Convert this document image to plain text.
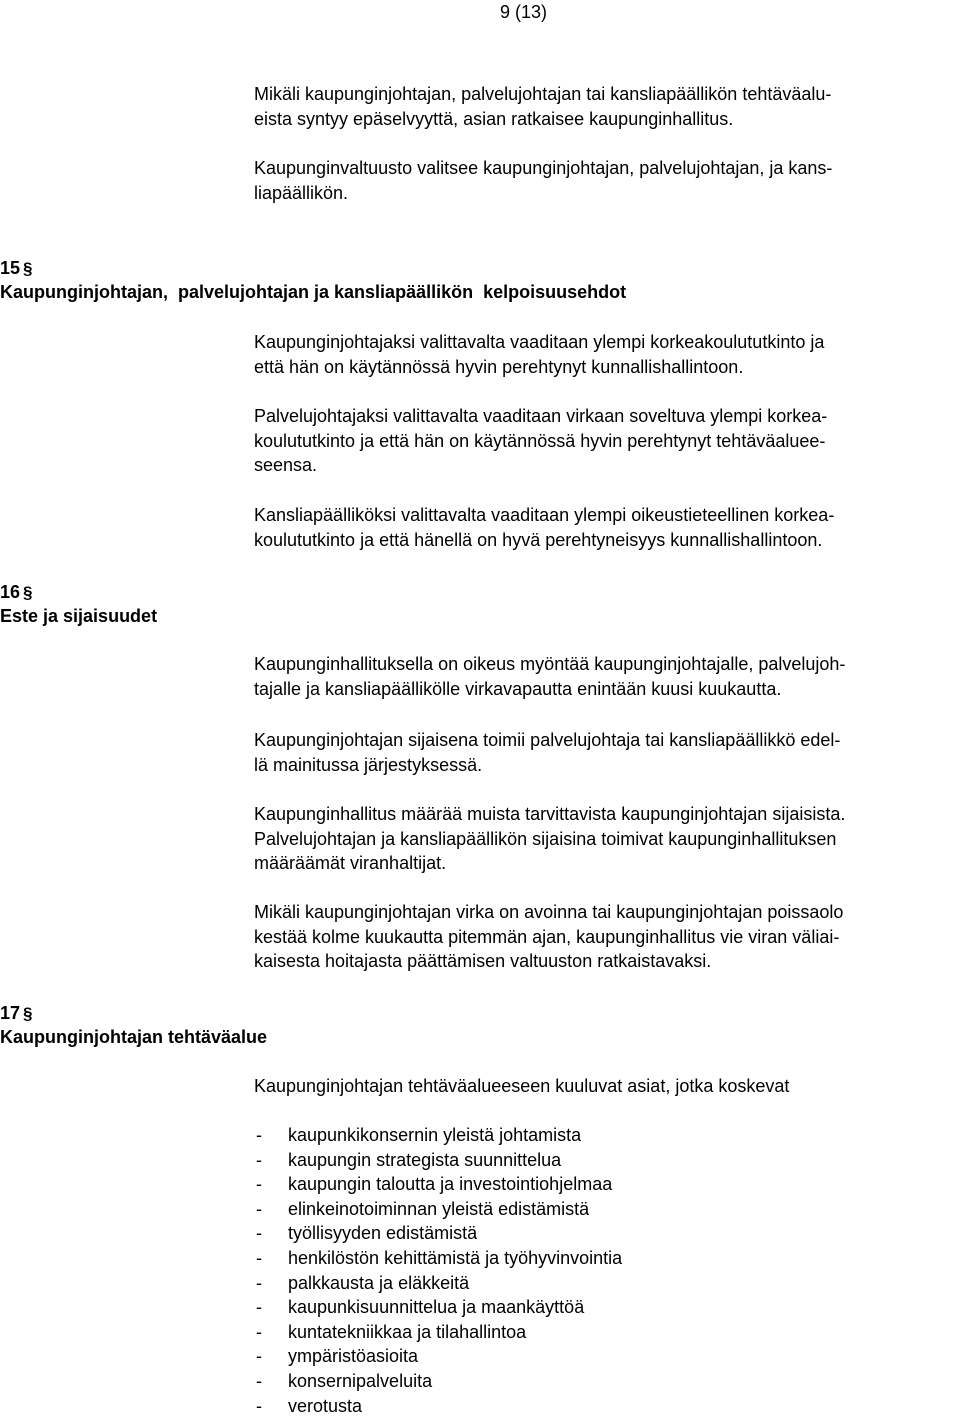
9 (13)
Mikäli kaupunginjohtajan, palvelujohtajan tai kansliapäällikön tehtäväalu-
eista syntyy epäselvyyttä, asian ratkaisee kaupunginhallitus.
Kaupunginvaltuusto valitsee kaupunginjohtajan, palvelujohtajan, ja kans-
liapäällikön.
15 §
Kaupunginjohtajan,  palvelujohtajan ja kansliapäällikön  kelpoisuusehdot
Kaupunginjohtajaksi valittavalta vaaditaan ylempi korkeakoulututkinto ja
että hän on käytännössä hyvin perehtynyt kunnallishallintoon.
Palvelujohtajaksi valittavalta vaaditaan virkaan soveltuva ylempi korkea-
koulututkinto ja että hän on käytännössä hyvin perehtynyt tehtäväaluee-
seensa.
Kansliapäälliköksi valittavalta vaaditaan ylempi oikeustieteellinen korkea-
koulututkinto ja että hänellä on hyvä perehtyneisyys kunnallishallintoon.
16 §
Este ja sijaisuudet
Kaupunginhallituksella on oikeus myöntää kaupunginjohtajalle, palvelujoh-
tajalle ja kansliapäällikölle virkavapautta enintään kuusi kuukautta.
Kaupunginjohtajan sijaisena toimii palvelujohtaja tai kansliapäällikkö edel-
lä mainitussa järjestyksessä.
Kaupunginhallitus määrää muista tarvittavista kaupunginjohtajan sijaisista.
Palvelujohtajan ja kansliapäällikön sijaisina toimivat kaupunginhallituksen
määräämät viranhaltijat.
Mikäli kaupunginjohtajan virka on avoinna tai kaupunginjohtajan poissaolo
kestää kolme kuukautta pitemmän ajan, kaupunginhallitus vie viran väliai-
kaisesta hoitajasta päättämisen valtuuston ratkaistavaksi.
17 §
Kaupunginjohtajan tehtäväalue
Kaupunginjohtajan tehtäväalueeseen kuuluvat asiat, jotka koskevat
-	kaupunkikonsernin yleistä johtamista
-	kaupungin strategista suunnittelua
-	kaupungin taloutta ja investointiohjelmaa
-	elinkeinotoiminnan yleistä edistämistä
-	työllisyyden edistämistä
-	henkilöstön kehittämistä ja työhyvinvointia
-	palkkausta ja eläkkeitä
-	kaupunkisuunnittelua ja maankäyttöä
-	kuntatekniikkaa ja tilahallintoa
-	ympäristöasioita
-	konsernipalveluita
-	verotusta
